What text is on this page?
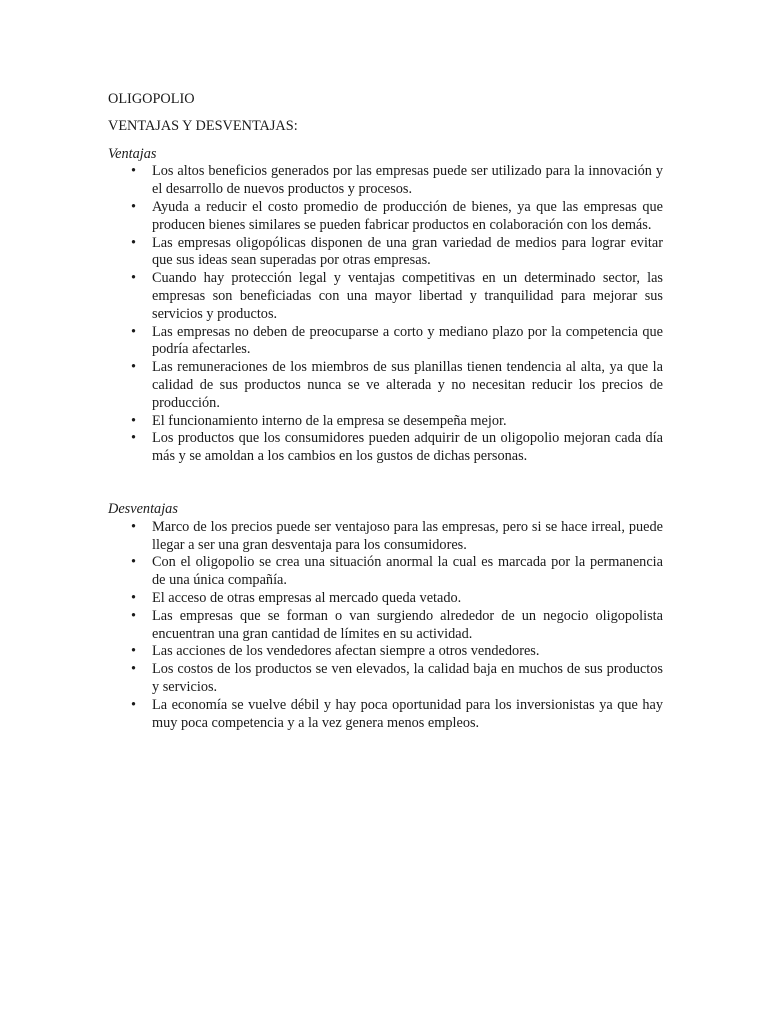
OLIGOPOLIO

VENTAJAS Y DESVENTAJAS:

Ventajas

• Los altos beneficios generados por las empresas puede ser utilizado para la innovación y el desarrollo de nuevos productos y procesos.
• Ayuda a reducir el costo promedio de producción de bienes, ya que las empresas que producen bienes similares se pueden fabricar productos en colaboración con los demás.
• Las empresas oligopólicas disponen de una gran variedad de medios para lograr evitar que sus ideas sean superadas por otras empresas.
• Cuando hay protección legal y ventajas competitivas en un determinado sector, las empresas son beneficiadas con una mayor libertad y tranquilidad para mejorar sus servicios y productos.
• Las empresas no deben de preocuparse a corto y mediano plazo por la competencia que podría afectarles.
• Las remuneraciones de los miembros de sus planillas tienen tendencia al alta, ya que la calidad de sus productos nunca se ve alterada y no necesitan reducir los precios de producción.
• El funcionamiento interno de la empresa se desempeña mejor.
• Los productos que los consumidores pueden adquirir de un oligopolio mejoran cada día más y se amoldan a los cambios en los gustos de dichas personas.

Desventajas

• Marco de los precios puede ser ventajoso para las empresas, pero si se hace irreal, puede llegar a ser una gran desventaja para los consumidores.
• Con el oligopolio se crea una situación anormal la cual es marcada por la permanencia de una única compañía.
• El acceso de otras empresas al mercado queda vetado.
• Las empresas que se forman o van surgiendo alrededor de un negocio oligopolista encuentran una gran cantidad de límites en su actividad.
• Las acciones de los vendedores afectan siempre a otros vendedores.
• Los costos de los productos se ven elevados, la calidad baja en muchos de sus productos y servicios.
• La economía se vuelve débil y hay poca oportunidad para los inversionistas ya que hay muy poca competencia y a la vez genera menos empleos.
